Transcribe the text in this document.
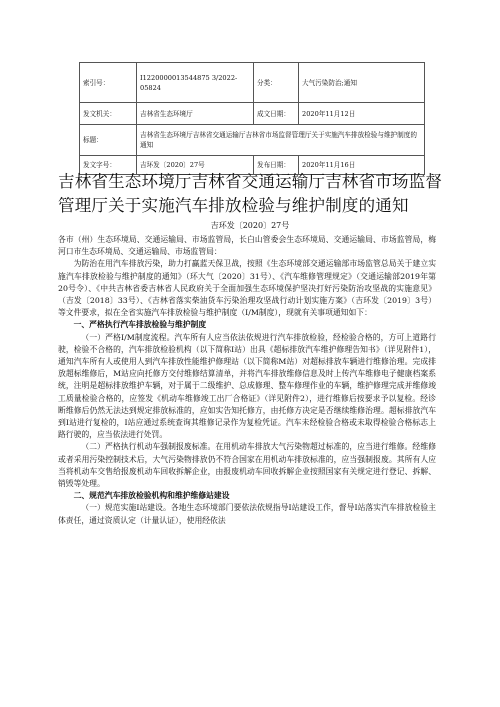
索引号：	I1220000013544875 3/2022-05824	分类：	大气污染防治;通知
发文机关：	吉林省生态环境厅	成文日期：	2020年11月12日
标题：	吉林省生态环境厅吉林省交通运输厅吉林省市场监督管理厅关于实施汽车排放检验与维护制度的通知		
发文字号：	吉环发〔2020〕27号	发布日期：	2020年11月16日
吉林省生态环境厅吉林省交通运输厅吉林省市场监督管理厅关于实施汽车排放检验与维护制度的通知
吉环发〔2020〕27号

各市（州）生态环境局、交通运输局、市场监管局，长白山管委会生态环境局、交通运输局、市场监管局，梅河口市生态环境局、交通运输局、市场监管局：

为防治在用汽车排放污染，助力打赢蓝天保卫战，按照《生态环境部交通运输部市场监管总局关于建立实施汽车排放检验与维护制度的通知》（环大气〔2020〕31号）、《汽车维修管理规定》（交通运输部2019年第20号令）、《中共吉林省委吉林省人民政府关于全面加强生态环境保护坚决打好污染防治攻坚战的实施意见》（吉发〔2018〕33号）、《吉林省落实柴油货车污染治理攻坚战行动计划实施方案》（吉环发〔2019〕3号）等文件要求，拟在全省实施汽车排放检验与维护制度（I/M制度），现就有关事项通知如下：

一、严格执行汽车排放检验与维护制度

（一）严格I/M制度流程。汽车所有人应当依法依规进行汽车排放检验，经检验合格的，方可上道路行驶，检验不合格的，汽车排放检验机构（以下简称I站）出具《超标排放汽车维护修理告知书》（详见附件1），通知汽车所有人或使用人到汽车排放性能维护修理站（以下简称M站）对超标排放车辆进行维修治理。完成排放超标维修后，M站应向托修方交付维修结算清单，并将汽车排放维修信息及时上传汽车维修电子健康档案系统，注明是超标排放维护车辆，对于属于二级维护、总成修理、整车修理作业的车辆，维护修理完成并维修竣工质量检验合格的，应签发《机动车维修竣工出厂合格证》（详见附件2），进行维修后按要求予以复检。经诊断维修后仍然无法达到规定排放标准的，应如实告知托修方，由托修方决定是否继续维修治理。超标排放汽车到I站进行复检的，I站应通过系统查询其维修记录作为复检凭证。汽车未经检验合格或未取得检验合格标志上路行驶的，应当依法进行处罚。

（二）严格执行机动车强制报废标准。在用机动车排放大气污染物超过标准的，应当进行维修。经维修或者采用污染控制技术后，大气污染物排放仍不符合国家在用机动车排放标准的，应当强制报废。其所有人应当将机动车交售给报废机动车回收拆解企业，由报废机动车回收拆解企业按照国家有关规定进行登记、拆解、销毁等处理。

二、规范汽车排放检验机构和维护维修站建设

（一）规范实施I站建设。各地生态环境部门要依法依规指导I站建设工作，督导I站落实汽车排放检验主体责任，通过资质认定（计量认证），使用经依法
